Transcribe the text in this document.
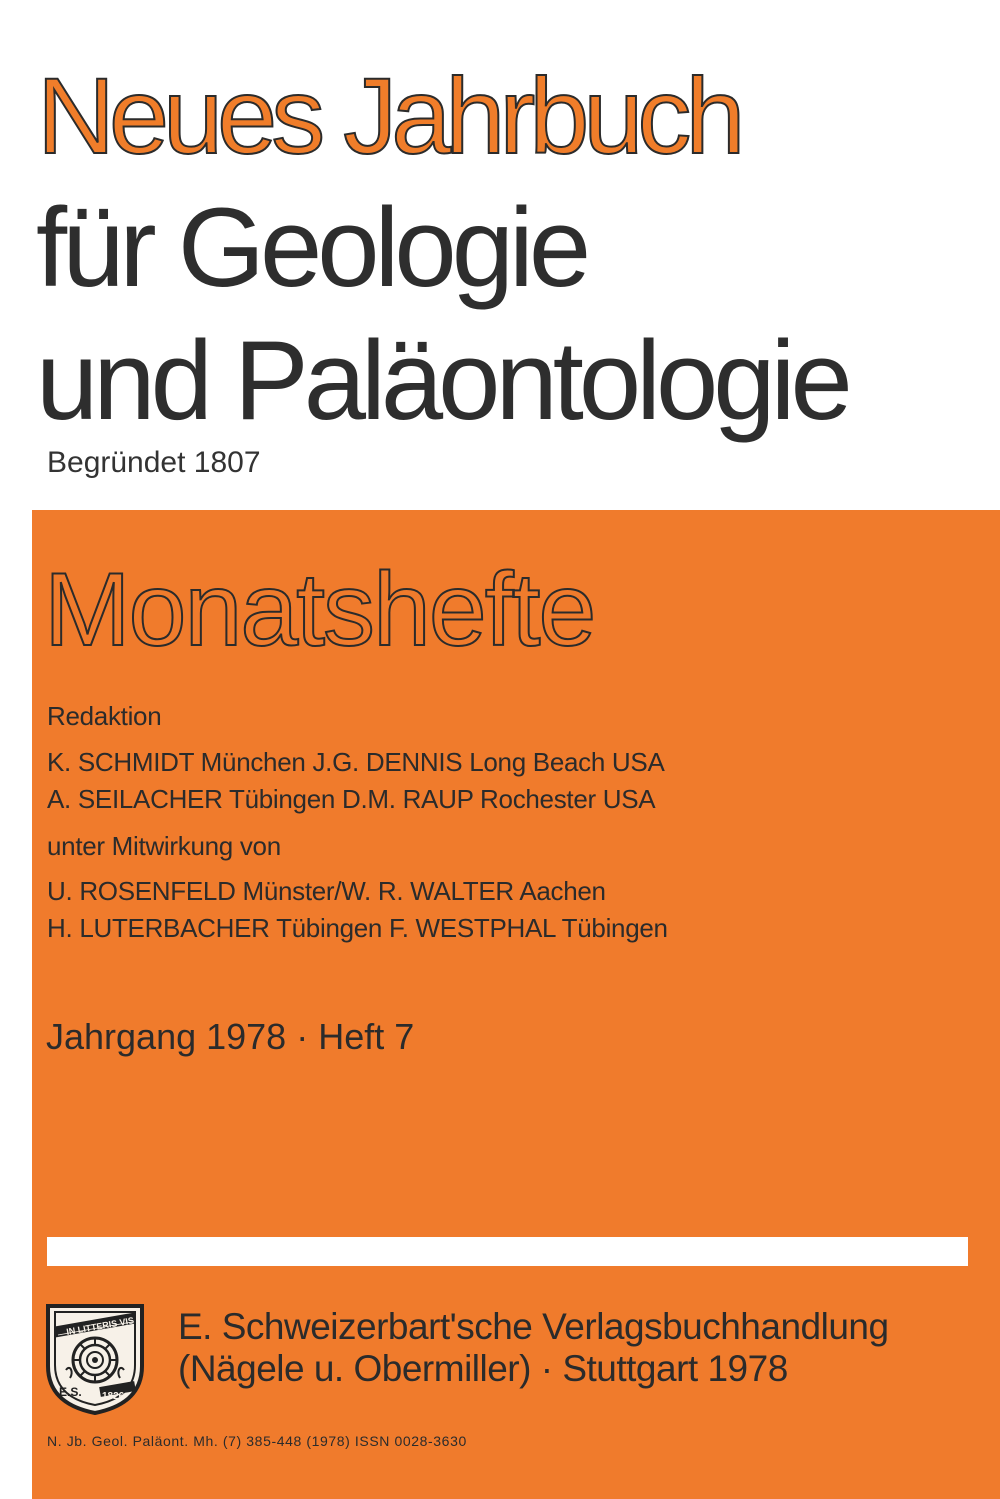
Neues Jahrbuch
für Geologie
und Paläontologie
Begründet 1807
Monatshefte
Redaktion
K. SCHMIDT München J.G. DENNIS Long Beach USA
A. SEILACHER Tübingen D.M. RAUP Rochester USA
unter Mitwirkung von
U. ROSENFELD Münster/W. R. WALTER Aachen
H. LUTERBACHER Tübingen F. WESTPHAL Tübingen
Jahrgang 1978 · Heft 7
E.S. 1826
IN LITTERIS VIS E. Schweizerbart'sche Verlagsbuchhandlung
(Nägele u. Obermiller) · Stuttgart 1978
N. Jb. Geol. Paläont. Mh. (7) 385-448 (1978) ISSN 0028-3630
